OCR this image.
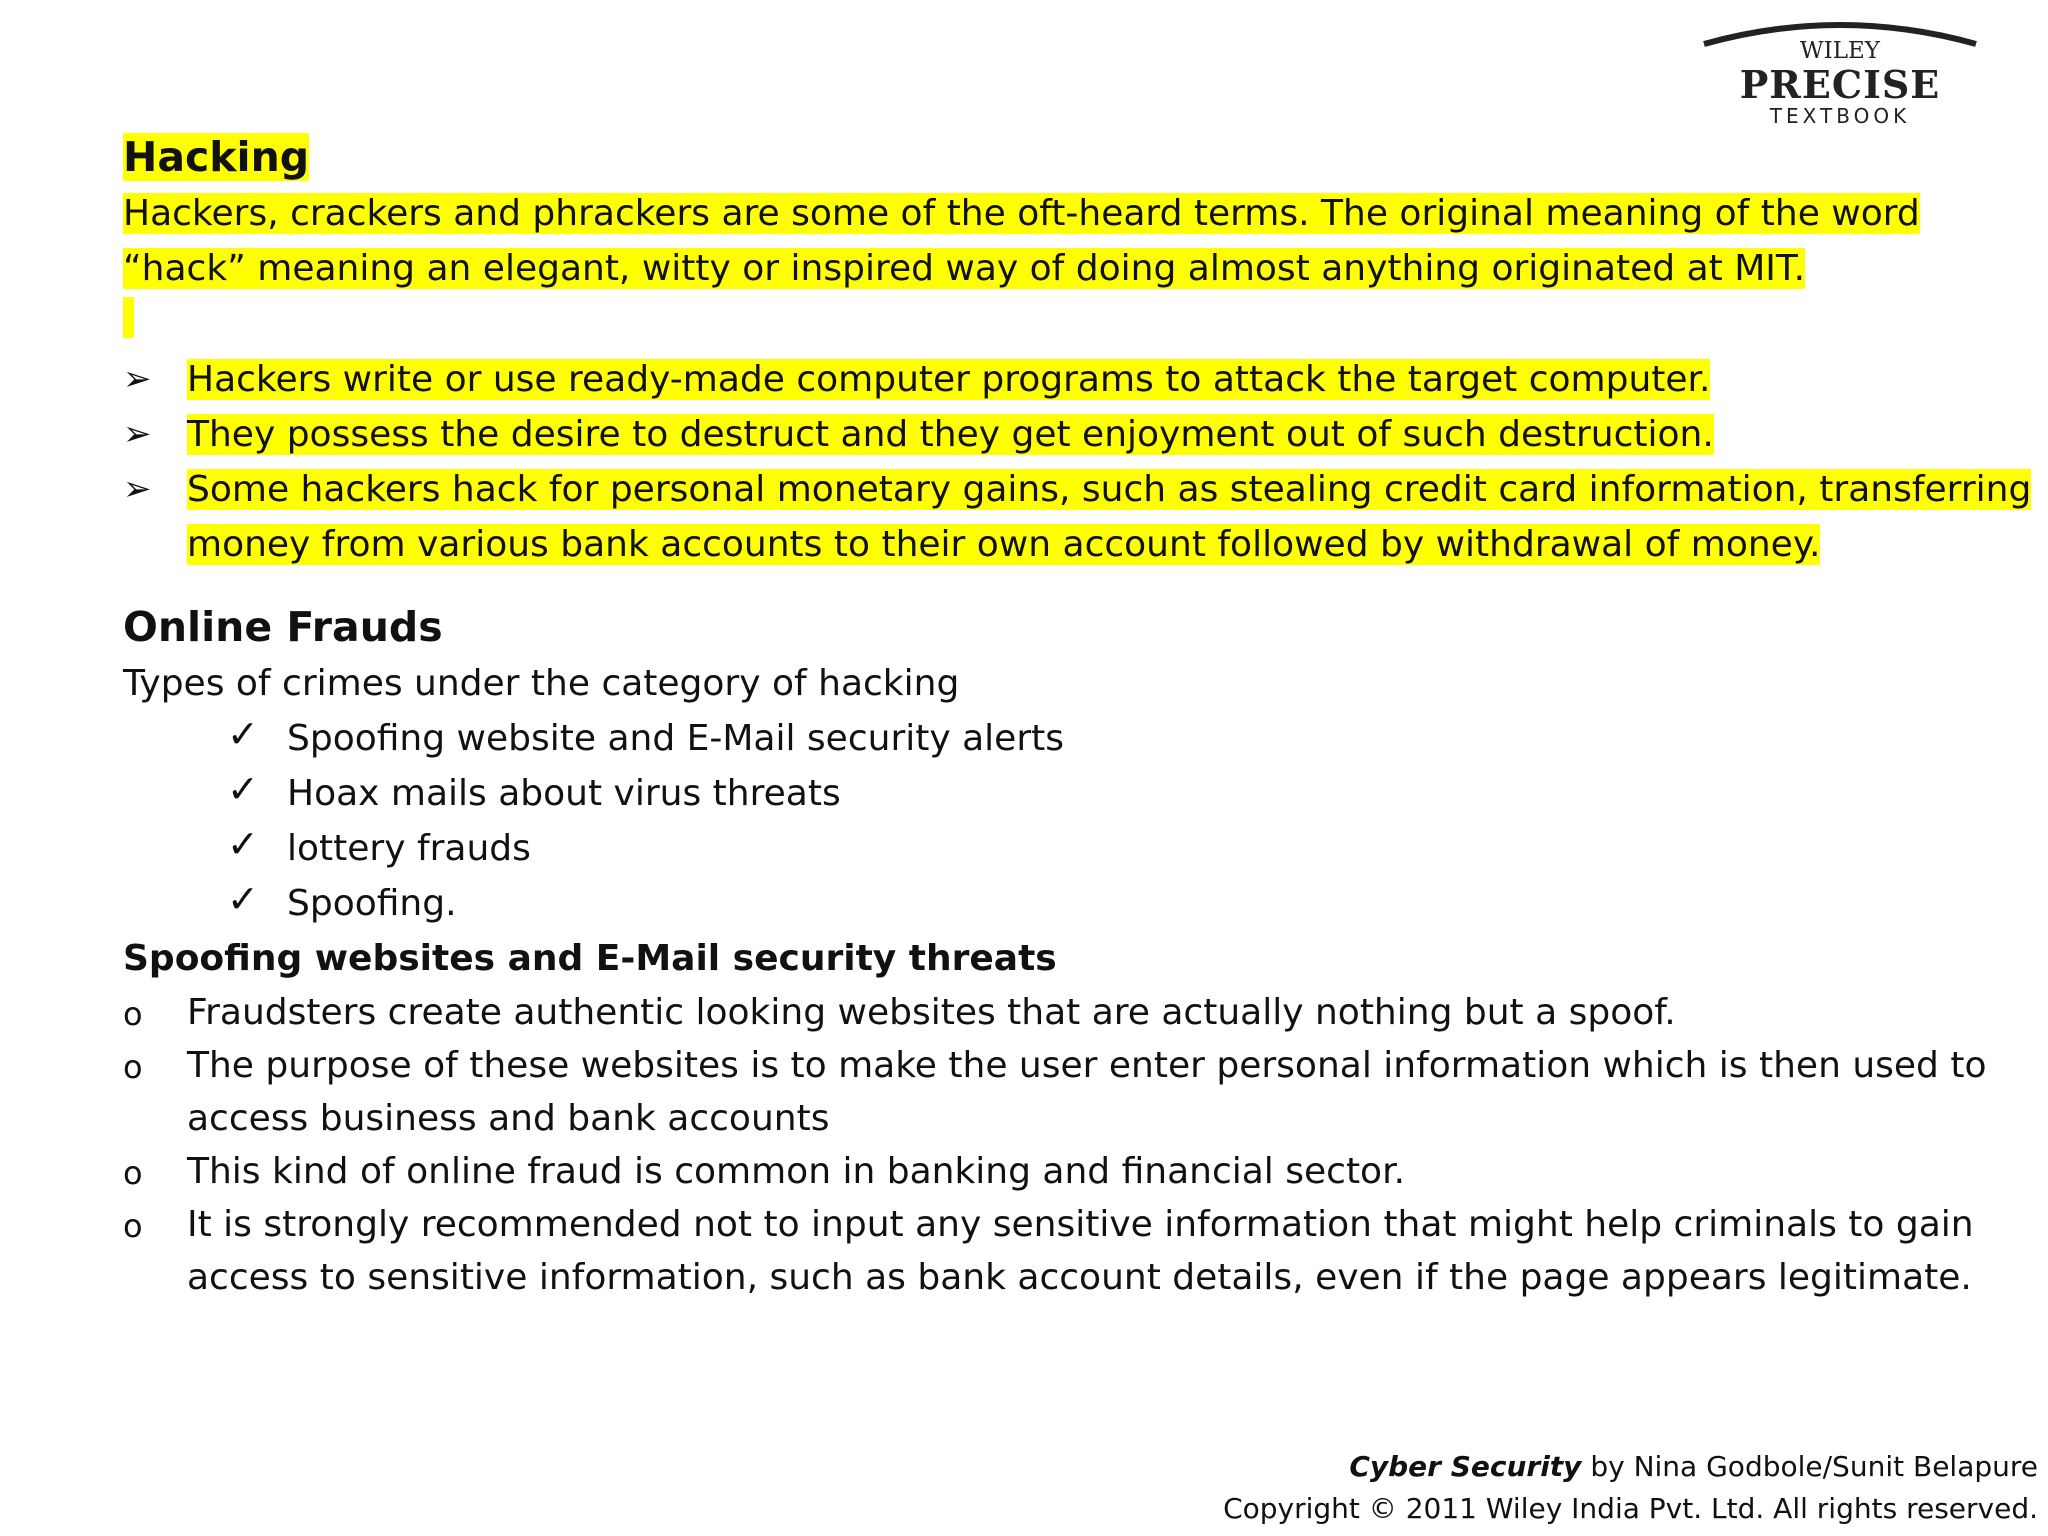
WILEY
PRECISE
TEXTBOOK
Hacking

Hackers, crackers and phrackers are some of the oft-heard terms. The original meaning of the word “hack” meaning an elegant, witty or inspired way of doing almost anything originated at MIT.

➢ Hackers write or use ready-made computer programs to attack the target computer.
➢ They possess the desire to destruct and they get enjoyment out of such destruction.
➢ Some hackers hack for personal monetary gains, such as stealing credit card information, transferring money from various bank accounts to their own account followed by withdrawal of money.
Online Frauds

Types of crimes under the category of hacking

✓ Spoofing website and E-Mail security alerts
✓ Hoax mails about virus threats
✓ lottery frauds
✓ Spoofing.
Spoofing websites and E-Mail security threats
o Fraudsters create authentic looking websites that are actually nothing but a spoof.
o The purpose of these websites is to make the user enter personal information which is then used to access business and bank accounts
o This kind of online fraud is common in banking and financial sector.
o It is strongly recommended not to input any sensitive information that might help criminals to gain access to sensitive information, such as bank account details, even if the page appears legitimate.
Cyber Security by Nina Godbole/Sunit Belapure
Copyright © 2011 Wiley India Pvt. Ltd. All rights reserved.
